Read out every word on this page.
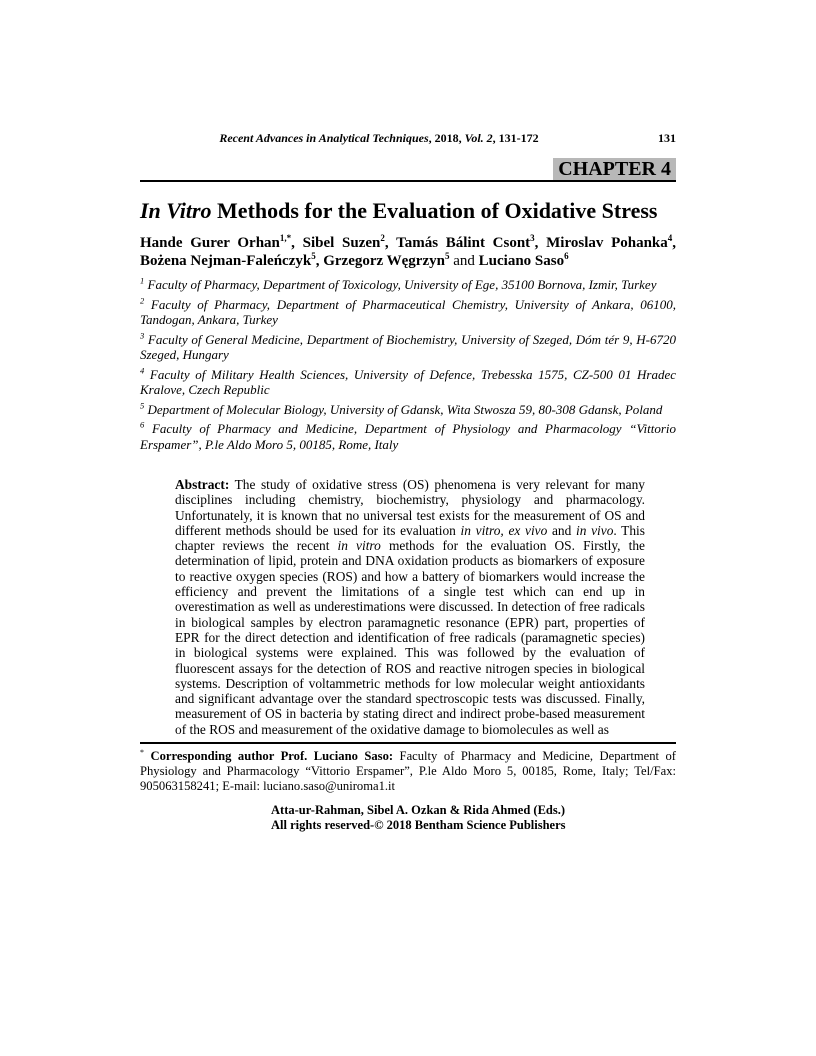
Recent Advances in Analytical Techniques, 2018, Vol. 2, 131-172	131
CHAPTER 4
In Vitro Methods for the Evaluation of Oxidative Stress

Hande Gurer Orhan$^{1,*}$, Sibel Suzen$^2$, Tamás Bálint Csont$^3$, Miroslav Pohanka$^4$, Bożena Nejman-Faleńczyk$^5$, Grzegorz Węgrzyn$^5$ and Luciano Saso$^6$

$^1$ Faculty of Pharmacy, Department of Toxicology, University of Ege, 35100 Bornova, Izmir, Turkey

$^2$ Faculty of Pharmacy, Department of Pharmaceutical Chemistry, University of Ankara, 06100, Tandogan, Ankara, Turkey

$^3$ Faculty of General Medicine, Department of Biochemistry, University of Szeged, Dóm tér 9, H-6720 Szeged, Hungary

$^4$ Faculty of Military Health Sciences, University of Defence, Trebesska 1575, CZ-500 01 Hradec Kralove, Czech Republic

$^5$ Department of Molecular Biology, University of Gdansk, Wita Stwosza 59, 80-308 Gdansk, Poland

$^6$ Faculty of Pharmacy and Medicine, Department of Physiology and Pharmacology “Vittorio Erspamer”, P.le Aldo Moro 5, 00185, Rome, Italy

Abstract: The study of oxidative stress (OS) phenomena is very relevant for many disciplines including chemistry, biochemistry, physiology and pharmacology. Unfortunately, it is known that no universal test exists for the measurement of OS and different methods should be used for its evaluation in vitro, ex vivo and in vivo. This chapter reviews the recent in vitro methods for the evaluation OS. Firstly, the determination of lipid, protein and DNA oxidation products as biomarkers of exposure to reactive oxygen species (ROS) and how a battery of biomarkers would increase the efficiency and prevent the limitations of a single test which can end up in overestimation as well as underestimations were discussed. In detection of free radicals in biological samples by electron paramagnetic resonance (EPR) part, properties of EPR for the direct detection and identification of free radicals (paramagnetic species) in biological systems were explained. This was followed by the evaluation of fluorescent assays for the detection of ROS and reactive nitrogen species in biological systems. Description of voltammetric methods for low molecular weight antioxidants and significant advantage over the standard spectroscopic tests was discussed. Finally, measurement of OS in bacteria by stating direct and indirect probe-based measurement of the ROS and measurement of the oxidative damage to biomolecules as well as

* Corresponding author Prof. Luciano Saso: Faculty of Pharmacy and Medicine, Department of Physiology and Pharmacology “Vittorio Erspamer”, P.le Aldo Moro 5, 00185, Rome, Italy; Tel/Fax: 905063158241; E-mail: luciano.saso@uniroma1.it
Atta-ur-Rahman, Sibel A. Ozkan & Rida Ahmed (Eds.)
All rights reserved-© 2018 Bentham Science Publishers
